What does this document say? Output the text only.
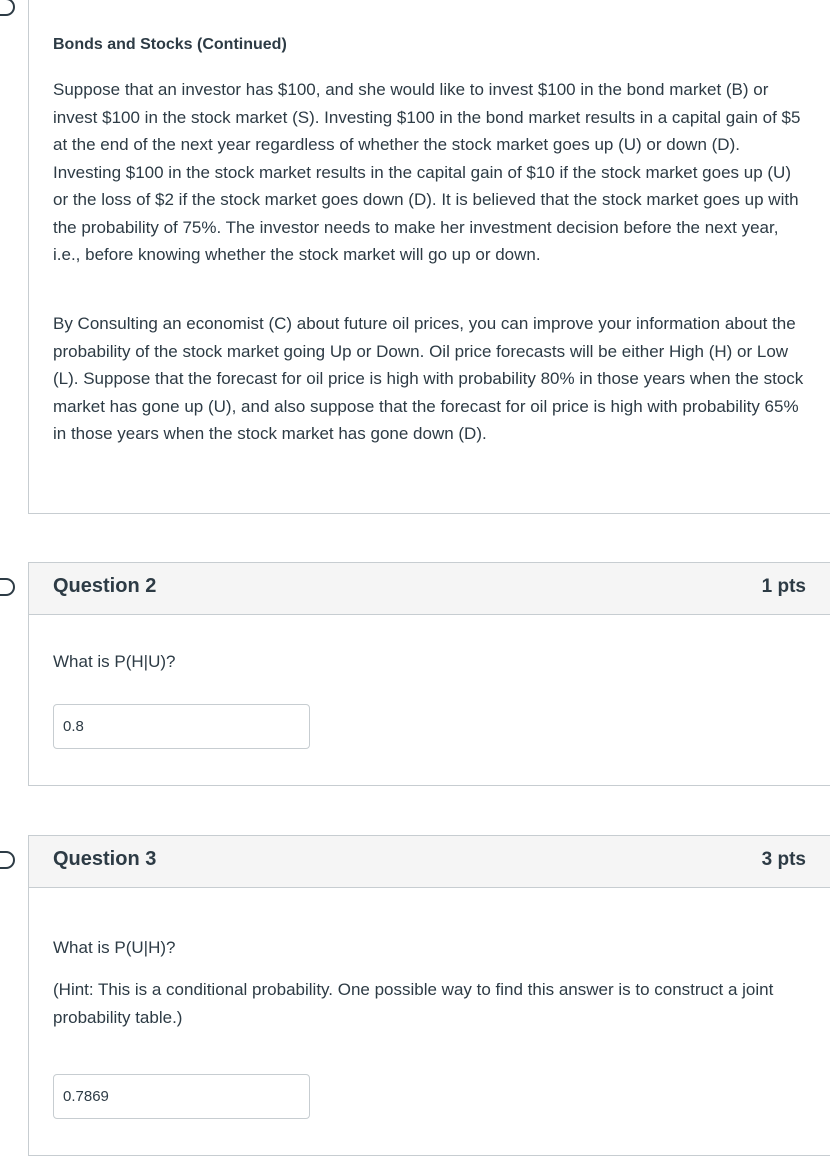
Bonds and Stocks (Continued)
Suppose that an investor has $100, and she would like to invest $100 in the bond market (B) or invest $100 in the stock market (S). Investing $100 in the bond market results in a capital gain of $5 at the end of the next year regardless of whether the stock market goes up (U) or down (D). Investing $100 in the stock market results in the capital gain of $10 if the stock market goes up (U) or the loss of $2 if the stock market goes down (D). It is believed that the stock market goes up with the probability of 75%. The investor needs to make her investment decision before the next year, i.e., before knowing whether the stock market will go up or down.
By Consulting an economist (C) about future oil prices, you can improve your information about the probability of the stock market going Up or Down. Oil price forecasts will be either High (H) or Low (L). Suppose that the forecast for oil price is high with probability 80% in those years when the stock market has gone up (U), and also suppose that the forecast for oil price is high with probability 65% in those years when the stock market has gone down (D).
Question 2	1 pts
What is P(H|U)?
0.8
Question 3	3 pts
What is P(U|H)?
(Hint: This is a conditional probability. One possible way to find this answer is to construct a joint probability table.)
0.7869
